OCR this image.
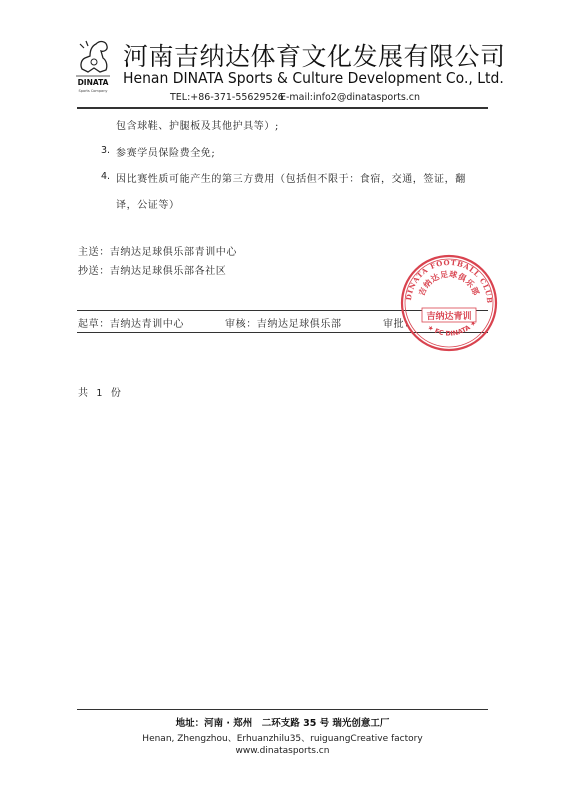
DINATA
Sports Company
河南吉纳达体育文化发展有限公司
Henan DINATA Sports & Culture Development Co., Ltd.
TEL:+86-371-55629526
E-mail:info2@dinatasports.cn
包含球鞋、护腿板及其他护具等）;
3. 参赛学员保险费全免;
4. 因比赛性质可能产生的第三方费用（包括但不限于：食宿，交通，签证，翻
译，公证等）
主送：吉纳达足球俱乐部青训中心
抄送：吉纳达足球俱乐部各社区
起草：吉纳达青训中心	审核：吉纳达足球俱乐部	审批：
共 1 份
DINATA FOOTBALL CLUB
吉纳达足球俱乐部
吉纳达青训
★ FC DINATA ★
地址：河南 · 郑州　二环支路 35 号 瑞光创意工厂
Henan, Zhengzhou、Erhuanzhilu35、ruiguangCreative factory
www.dinatasports.cn
